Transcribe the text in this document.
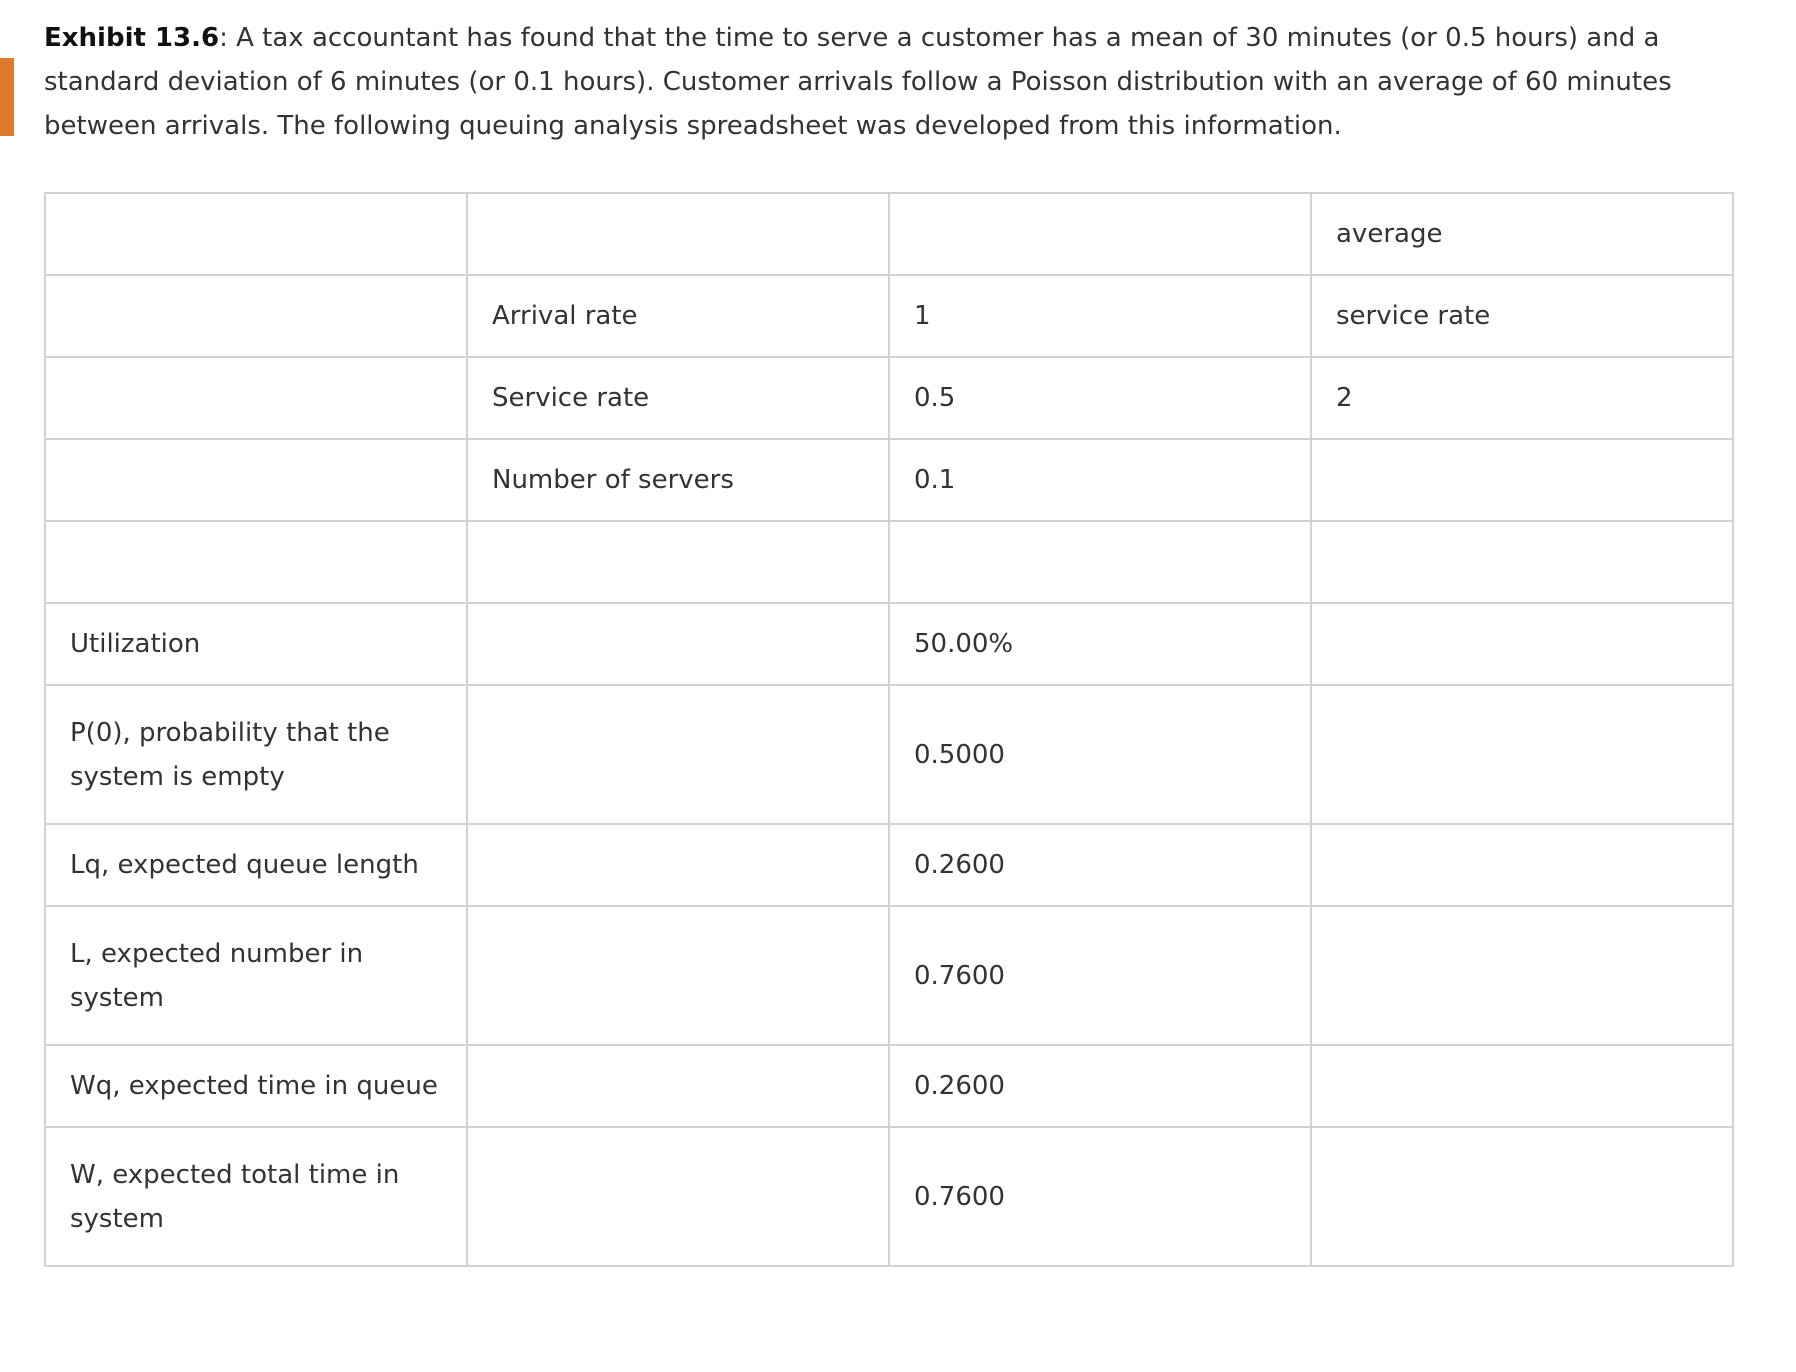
Exhibit 13.6: A tax accountant has found that the time to serve a customer has a mean of 30 minutes (or 0.5 hours) and a standard deviation of 6 minutes (or 0.1 hours). Customer arrivals follow a Poisson distribution with an average of 60 minutes between arrivals. The following queuing analysis spreadsheet was developed from this information.

			average
	Arrival rate	1	service rate
	Service rate	0.5	2
	Number of servers	0.1	

Utilization		50.00%	
P(0), probability that the system is empty		0.5000	
Lq, expected queue length		0.2600	
L, expected number in system		0.7600	
Wq, expected time in queue		0.2600	
W, expected total time in system		0.7600	
